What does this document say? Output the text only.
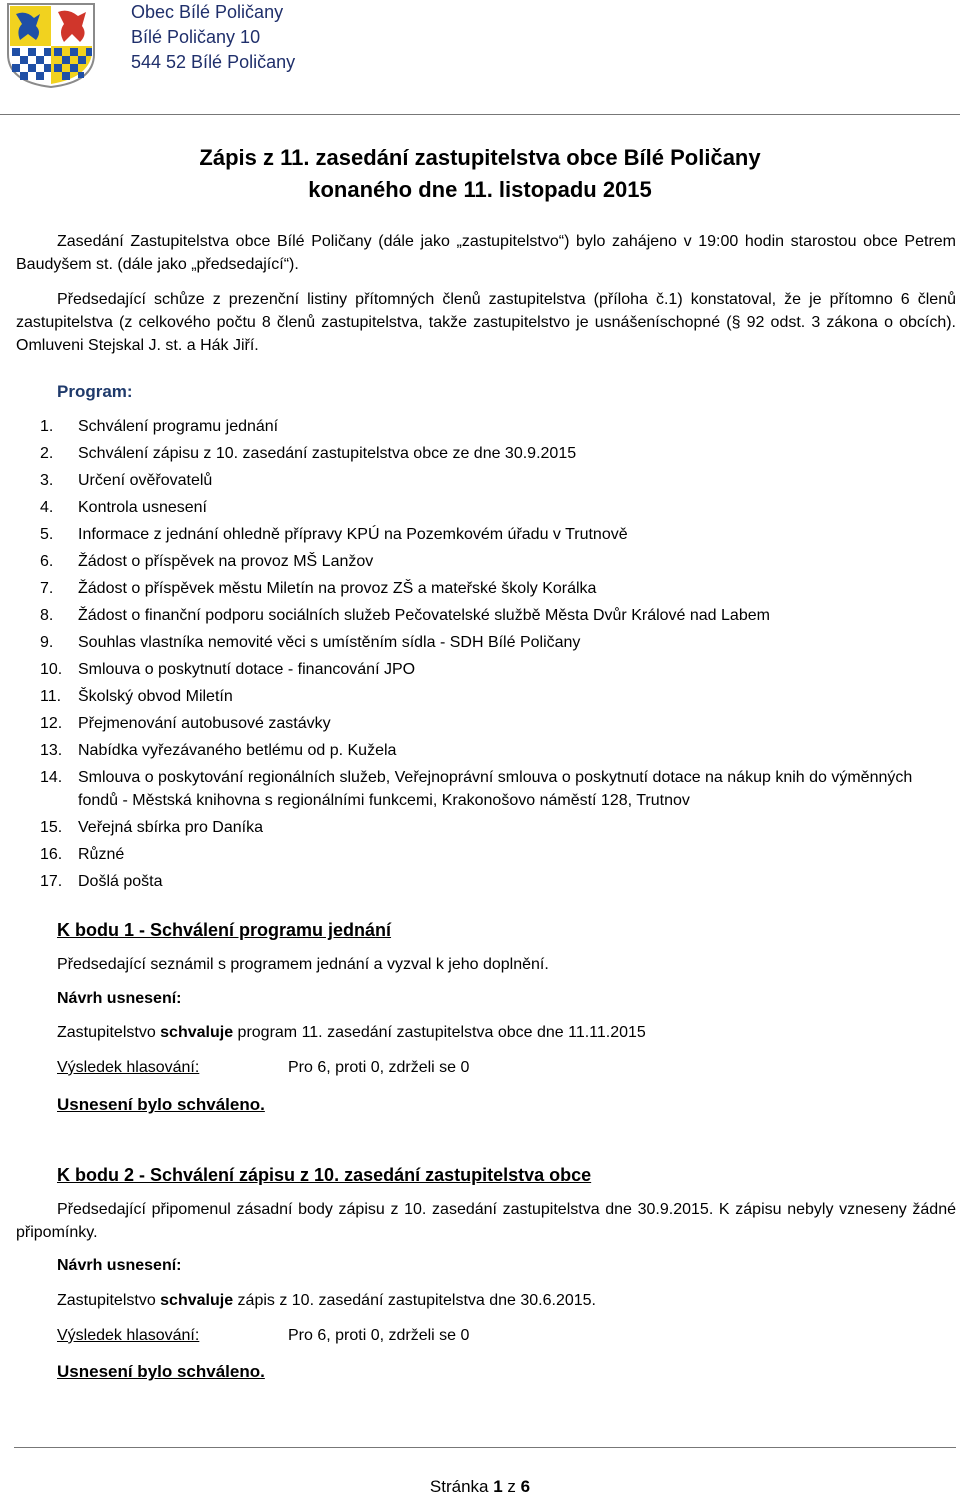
Obec Bílé Poličany
Bílé Poličany 10
544 52 Bílé Poličany
Zápis z 11. zasedání zastupitelstva obce Bílé Poličany
konaného dne 11. listopadu 2015
Zasedání Zastupitelstva obce Bílé Poličany (dále jako „zastupitelstvo“) bylo zahájeno v 19:00 hodin starostou obce Petrem Baudyšem st. (dále jako „předsedající“).
Předsedající schůze z prezenční listiny přítomných členů zastupitelstva (příloha č.1) konstatoval, že je přítomno 6 členů zastupitelstva (z celkového počtu 8 členů zastupitelstva, takže zastupitelstvo je usnášeníschopné (§ 92 odst. 3 zákona o obcích). Omluveni Stejskal J. st. a Hák Jiří.
Program:
1.	Schválení programu jednání
2.	Schválení zápisu z 10. zasedání zastupitelstva obce ze dne 30.9.2015
3.	Určení ověřovatelů
4.	Kontrola usnesení
5.	Informace z jednání ohledně přípravy KPÚ na Pozemkovém úřadu v Trutnově
6.	Žádost o příspěvek na provoz MŠ Lanžov
7.	Žádost o příspěvek městu Miletín na provoz ZŠ a mateřské školy Korálka
8.	Žádost o finanční podporu sociálních služeb Pečovatelské službě Města Dvůr Králové nad Labem
9.	Souhlas vlastníka nemovité věci s umístěním sídla - SDH Bílé Poličany
10. Smlouva o poskytnutí dotace - financování JPO
11.	Školský obvod Miletín
12. Přejmenování autobusové zastávky
13. Nabídka vyřezávaného betlému od p. Kužela
14. Smlouva o poskytování regionálních služeb, Veřejnoprávní smlouva o poskytnutí dotace na nákup knih do výměnných fondů - Městská knihovna s regionálními funkcemi, Krakonošovo náměstí 128, Trutnov
15. Veřejná sbírka pro Daníka
16. Různé
17. Došlá pošta
K bodu 1 - Schválení programu jednání
Předsedající seznámil s programem jednání a vyzval k jeho doplnění.
Návrh usnesení:
Zastupitelstvo schvaluje program 11. zasedání zastupitelstva obce dne 11.11.2015
Výsledek hlasování:	Pro 6, proti 0, zdrželi se 0
Usnesení bylo schváleno.
K bodu 2 - Schválení zápisu z 10. zasedání zastupitelstva obce
Předsedající připomenul zásadní body zápisu z 10. zasedání zastupitelstva dne 30.9.2015. K zápisu nebyly vzneseny žádné připomínky.
Návrh usnesení:
Zastupitelstvo schvaluje zápis z 10. zasedání zastupitelstva dne 30.6.2015.
Výsledek hlasování:	Pro 6, proti 0, zdrželi se 0
Usnesení bylo schváleno.
Stránka 1 z 6
